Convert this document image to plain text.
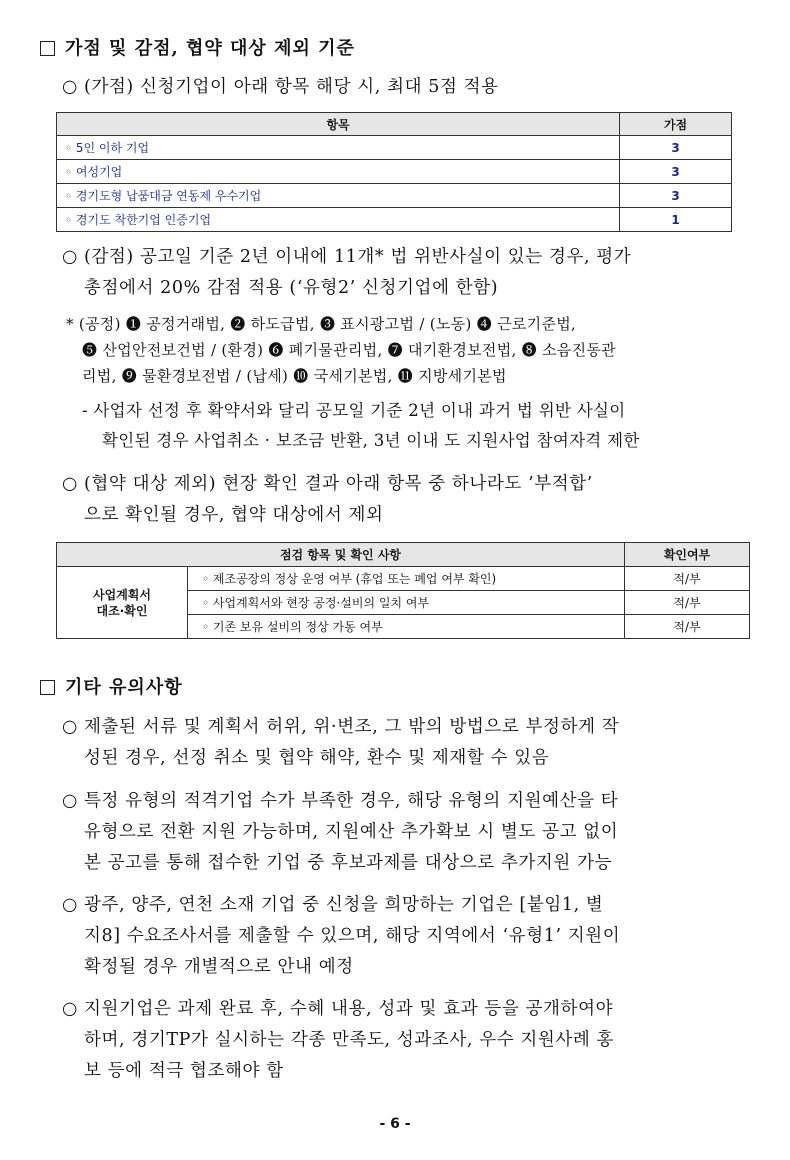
가점 및 감점, 협약 대상 제외 기준
○ (가점) 신청기업이 아래 항목 해당 시, 최대 5점 적용
항목	가점
◦ 5인 이하 기업	3
◦ 여성기업	3
◦ 경기도형 납품대금 연동제 우수기업	3
◦ 경기도 착한기업 인증기업	1
○ (감점) 공고일 기준 2년 이내에 11개* 법 위반사실이 있는 경우, 평가
총점에서 20% 감점 적용 (‘유형2’ 신청기업에 한함)
* (공정) ❶ 공정거래법, ❷ 하도급법, ❸ 표시광고법 / (노동) ❹ 근로기준법,
❺ 산업안전보건법 / (환경) ❻ 폐기물관리법, ❼ 대기환경보전법, ❽ 소음진동관
리법, ❾ 물환경보전법 / (납세) ❿ 국세기본법, ⓫ 지방세기본법
- 사업자 선정 후 확약서와 달리 공모일 기준 2년 이내 과거 법 위반 사실이
확인된 경우 사업취소 · 보조금 반환, 3년 이내 도 지원사업 참여자격 제한
○ (협약 대상 제외) 현장 확인 결과 아래 항목 중 하나라도 ’부적합’
으로 확인될 경우, 협약 대상에서 제외
점검 항목 및 확인 사항		확인여부

사업계획서
대조·확인	◦ 제조공장의 정상 운영 여부 (휴업 또는 폐업 여부 확인)	적/부
	◦ 사업계획서와 현장 공정·설비의 일치 여부	적/부
	◦ 기존 보유 설비의 정상 가동 여부	적/부
기타 유의사항
○ 제출된 서류 및 계획서 허위, 위·변조, 그 밖의 방법으로 부정하게 작
성된 경우, 선정 취소 및 협약 해약, 환수 및 제재할 수 있음
○ 특정 유형의 적격기업 수가 부족한 경우, 해당 유형의 지원예산을 타
유형으로 전환 지원 가능하며, 지원예산 추가확보 시 별도 공고 없이
본 공고를 통해 접수한 기업 중 후보과제를 대상으로 추가지원 가능
○ 광주, 양주, 연천 소재 기업 중 신청을 희망하는 기업은 [붙임1, 별
지8] 수요조사서를 제출할 수 있으며, 해당 지역에서 ‘유형1’ 지원이
확정될 경우 개별적으로 안내 예정
○ 지원기업은 과제 완료 후, 수혜 내용, 성과 및 효과 등을 공개하여야
하며, 경기TP가 실시하는 각종 만족도, 성과조사, 우수 지원사례 홍
보 등에 적극 협조해야 함
- 6 -
